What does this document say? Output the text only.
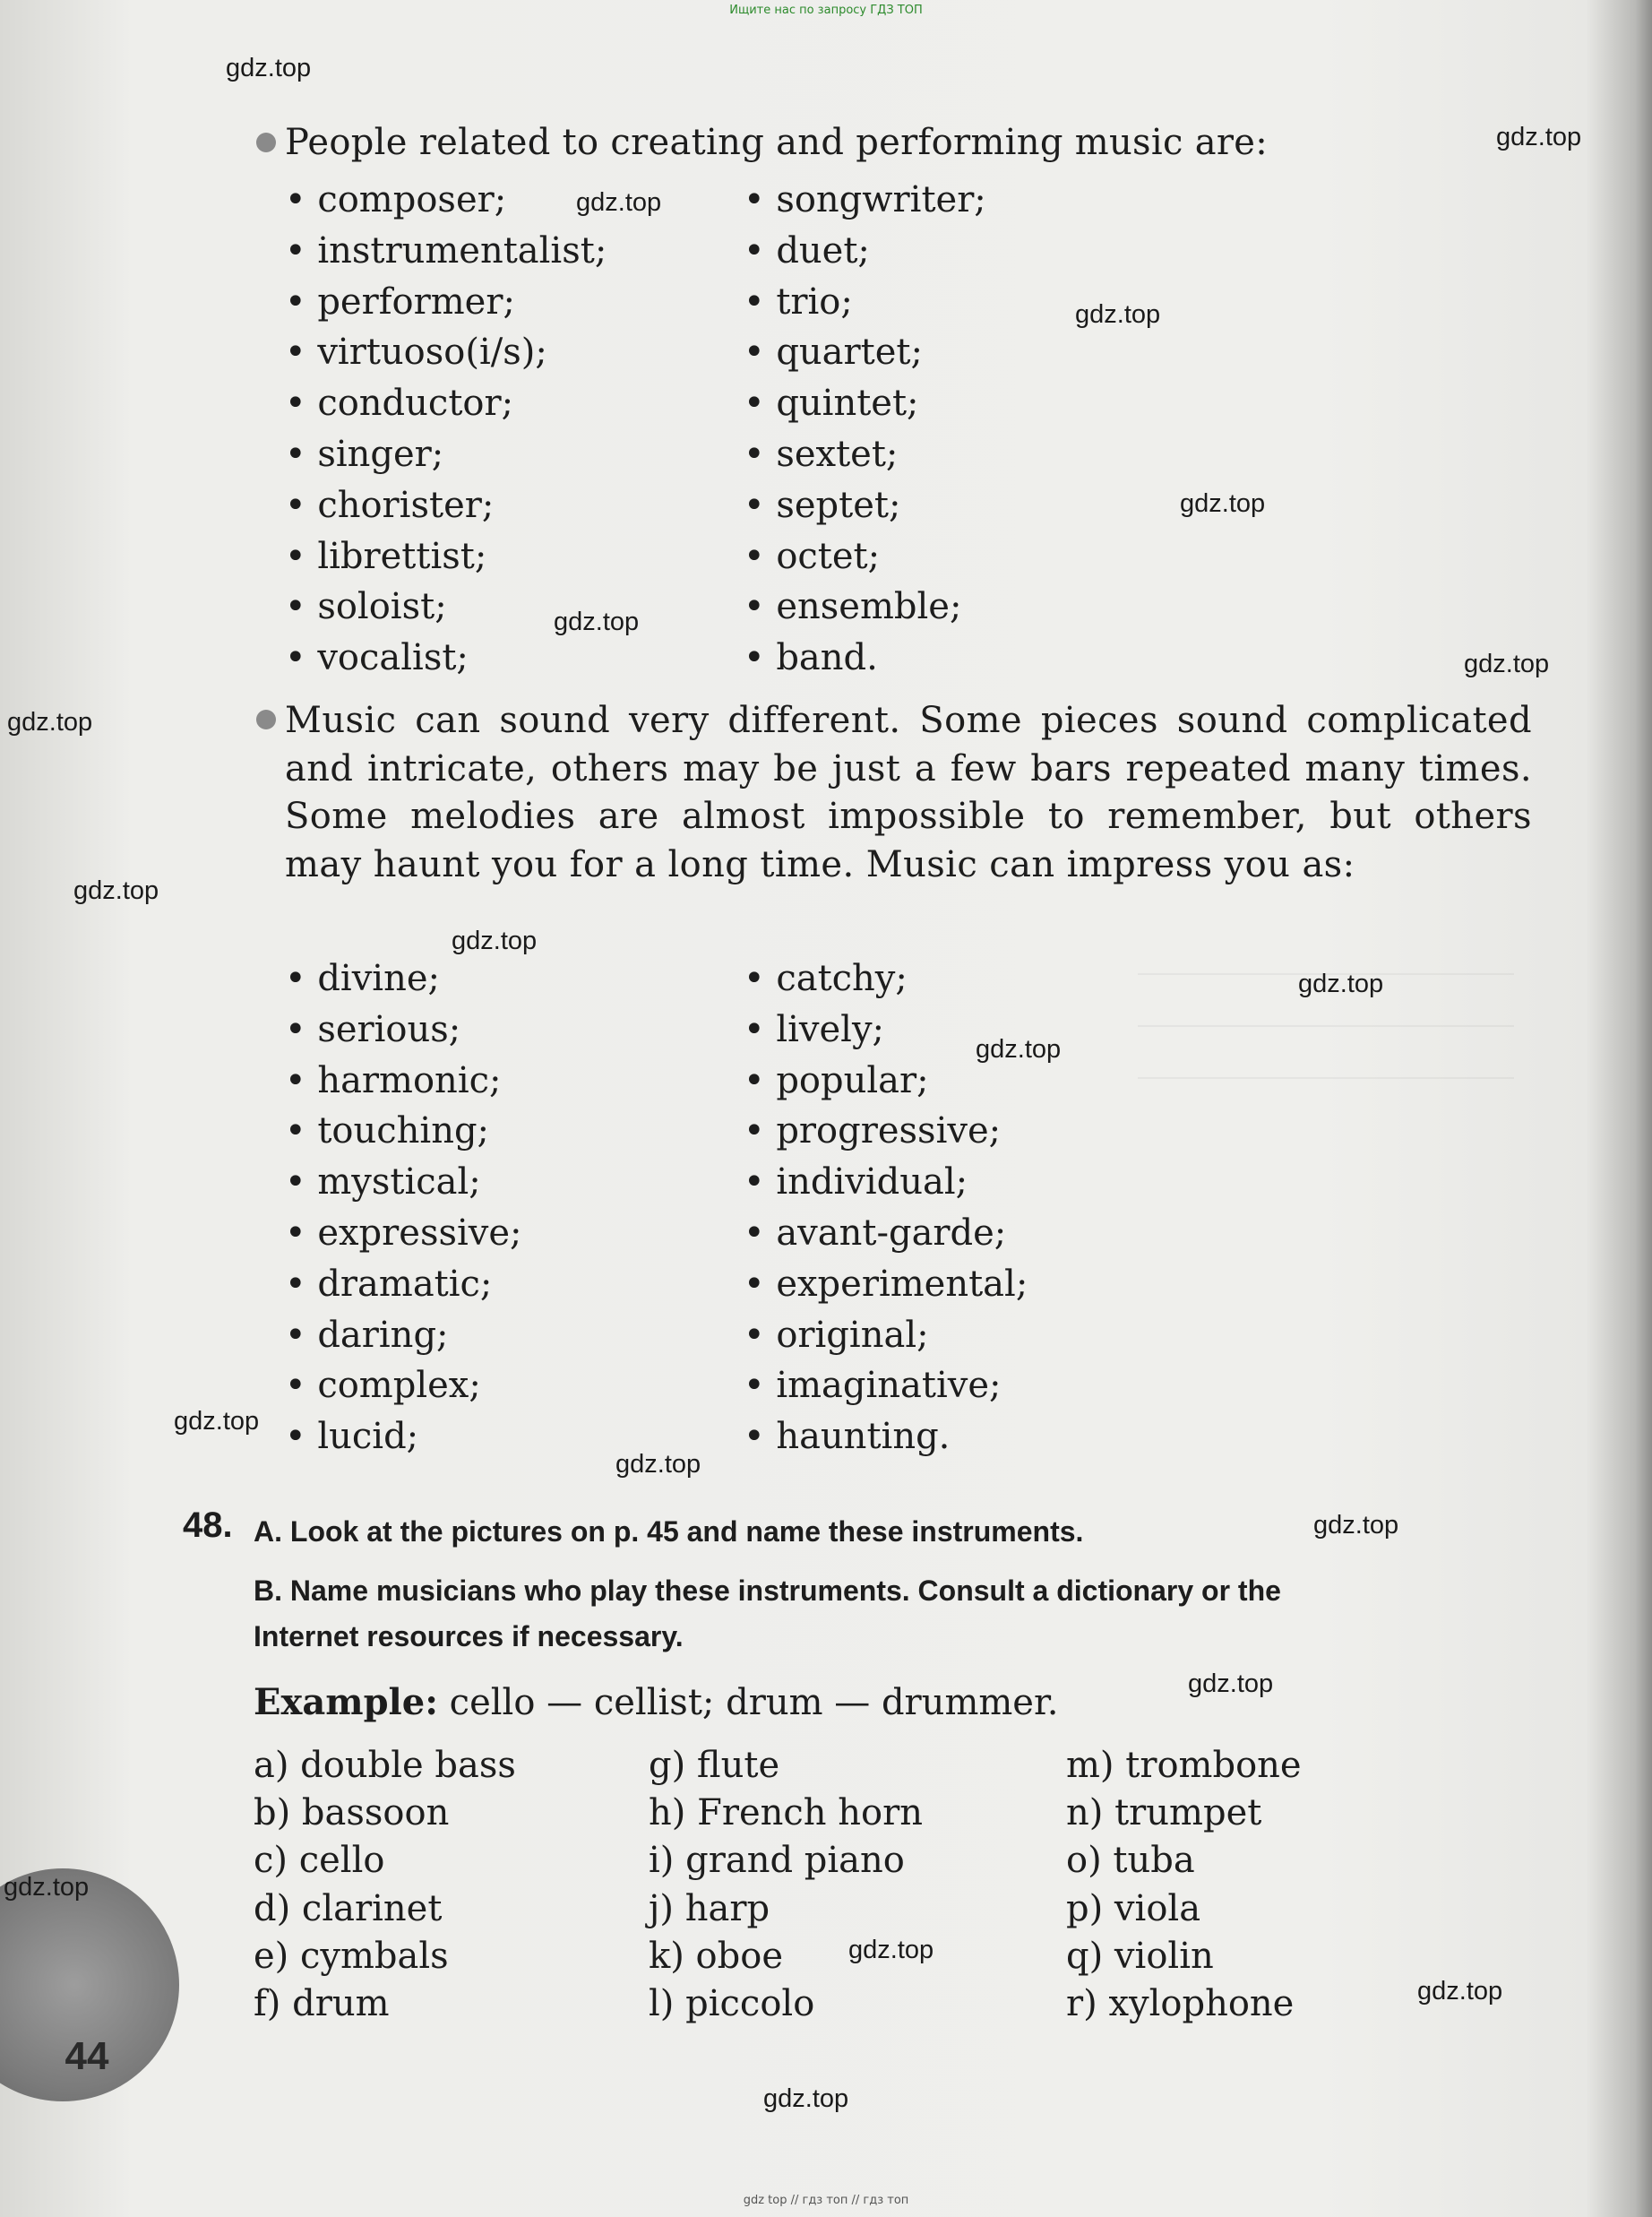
Ищите нас по запросу ГДЗ ТОП
People related to creating and performing music are:
• composer;
• instrumentalist;
• performer;
• virtuoso(i/s);
• conductor;
• singer;
• chorister;
• librettist;
• soloist;
• vocalist;
• songwriter;
• duet;
• trio;
• quartet;
• quintet;
• sextet;
• septet;
• octet;
• ensemble;
• band.
Music can sound very different. Some pieces sound complicated and intricate, others may be just a few bars repeated many times. Some melodies are almost impossible to remember, but others may haunt you for a long time. Music can impress you as:
• divine;
• serious;
• harmonic;
• touching;
• mystical;
• expressive;
• dramatic;
• daring;
• complex;
• lucid;
• catchy;
• lively;
• popular;
• progressive;
• individual;
• avant-garde;
• experimental;
• original;
• imaginative;
• haunting.
48. A. Look at the pictures on p. 45 and name these instruments.
B. Name musicians who play these instruments. Consult a dictionary or the
Internet resources if necessary.
Example: cello — cellist; drum — drummer.
a) double bass
b) bassoon
c) cello
d) clarinet
e) cymbals
f) drum
g) flute
h) French horn
i) grand piano
j) harp
k) oboe
l) piccolo
m) trombone
n) trumpet
o) tuba
p) viola
q) violin
r) xylophone
44
gdz.top
gdz.top
gdz.top
gdz.top
gdz.top
gdz.top
gdz.top
gdz.top
gdz.top
gdz.top
gdz.top
gdz.top
gdz.top
gdz.top
gdz.top
gdz.top
gdz.top
gdz.top
gdz.top
gdz.top
gdz top // гдз топ // гдз топ
